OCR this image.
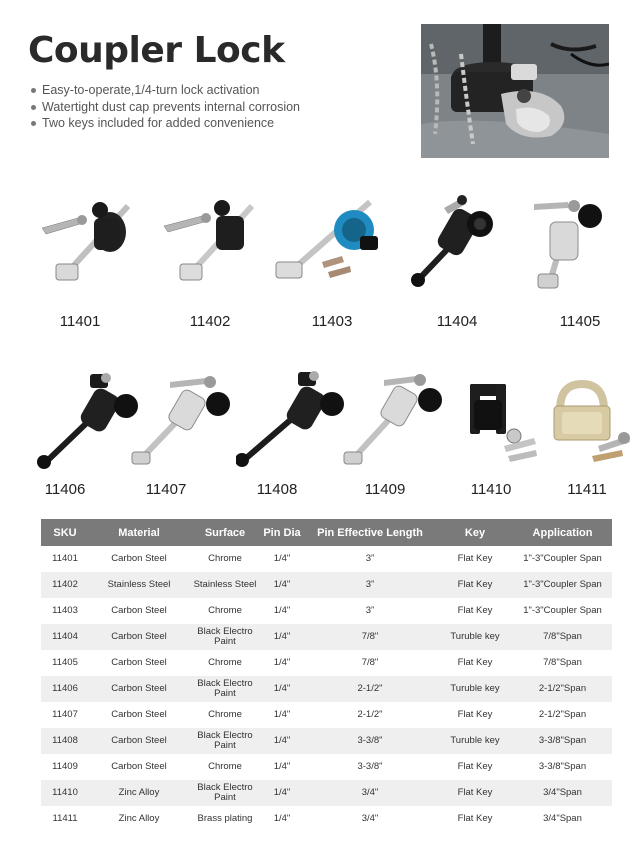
Coupler Lock
Easy-to-operate,1/4-turn lock activation
Watertight dust cap prevents internal corrosion
Two keys included for added convenience
11401	11402	11403	11404	11405
11406	11407	11408	11409	11410	11411
SKU	Material	Surface	Pin Dia	Pin Effective Length	Key	Application
11401	Carbon Steel	Chrome	1/4"	3”	Flat Key	1"-3"Coupler Span
11402	Stainless Steel	Stainless Steel	1/4"	3”	Flat Key	1"-3"Coupler Span
11403	Carbon Steel	Chrome	1/4"	3”	Flat Key	1"-3"Coupler Span
11404	Carbon Steel	Black Electro Paint	1/4"	7/8"	Turuble key	7/8"Span
11405	Carbon Steel	Chrome	1/4"	7/8"	Flat Key	7/8"Span
11406	Carbon Steel	Black Electro Paint	1/4"	2-1/2"	Turuble key	2-1/2"Span
11407	Carbon Steel	Chrome	1/4"	2-1/2"	Flat Key	2-1/2"Span
11408	Carbon Steel	Black Electro Paint	1/4"	3-3/8"	Turuble key	3-3/8"Span
11409	Carbon Steel	Chrome	1/4"	3-3/8"	Flat Key	3-3/8"Span
11410	Zinc Alloy	Black Electro Paint	1/4"	3/4"	Flat Key	3/4"Span
11411	Zinc Alloy	Brass plating	1/4"	3/4"	Flat Key	3/4"Span
